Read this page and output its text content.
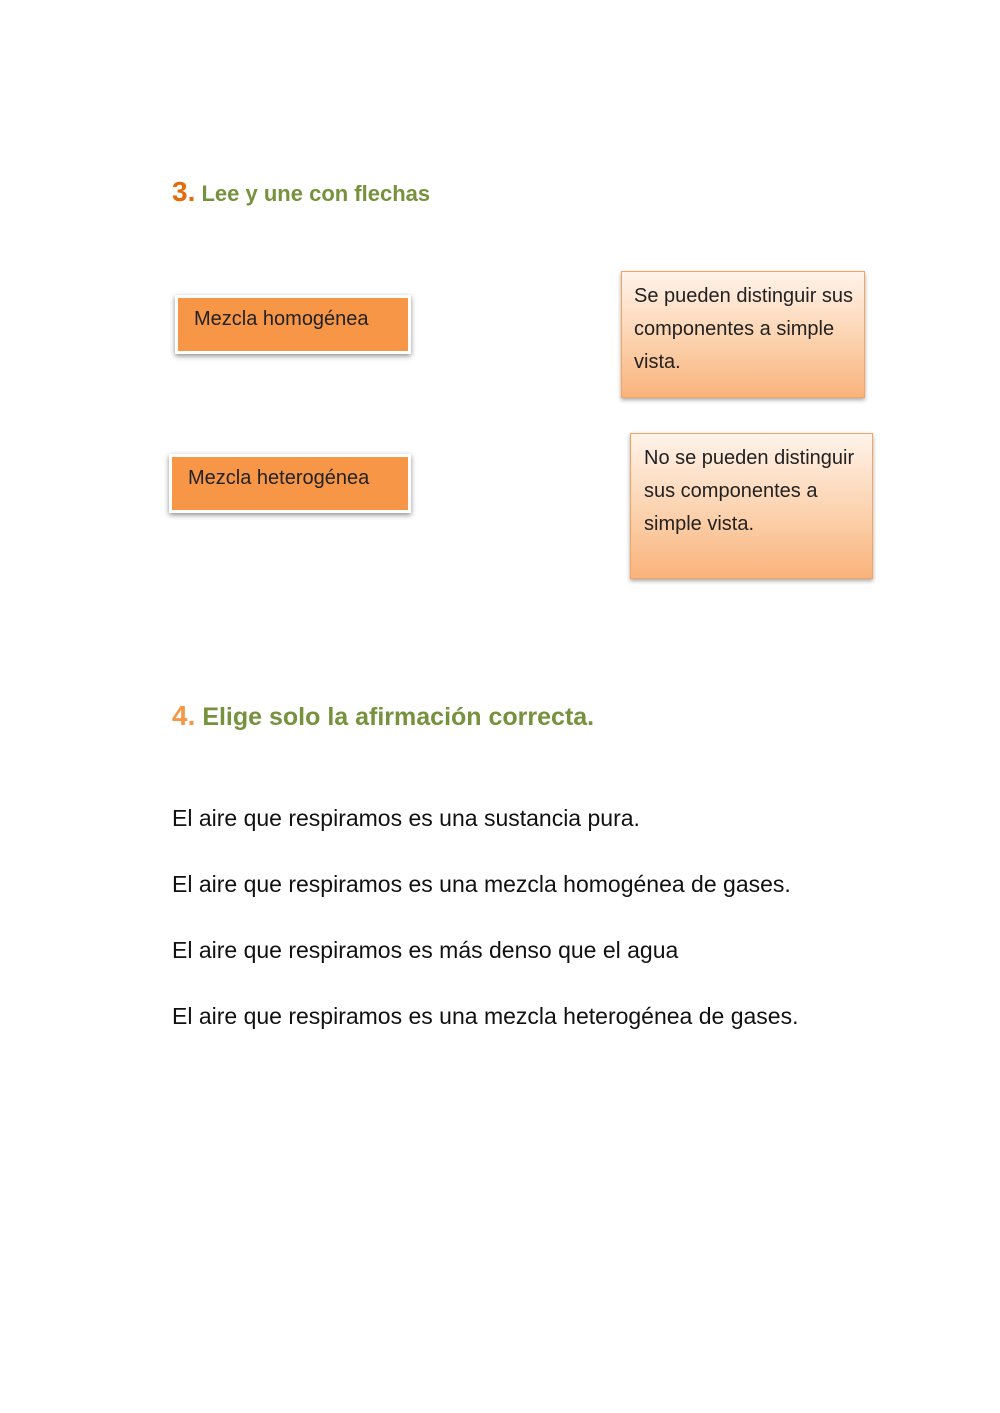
3. Lee y une con flechas
Mezcla homogénea
Mezcla heterogénea
Se pueden distinguir sus componentes a simple vista.
No se pueden distinguir sus componentes a simple vista.
4. Elige solo la afirmación correcta.
El aire que respiramos es una sustancia pura.
El aire que respiramos es una mezcla homogénea de gases.
El aire que respiramos es más denso que el agua
El aire que respiramos es una mezcla heterogénea de gases.
